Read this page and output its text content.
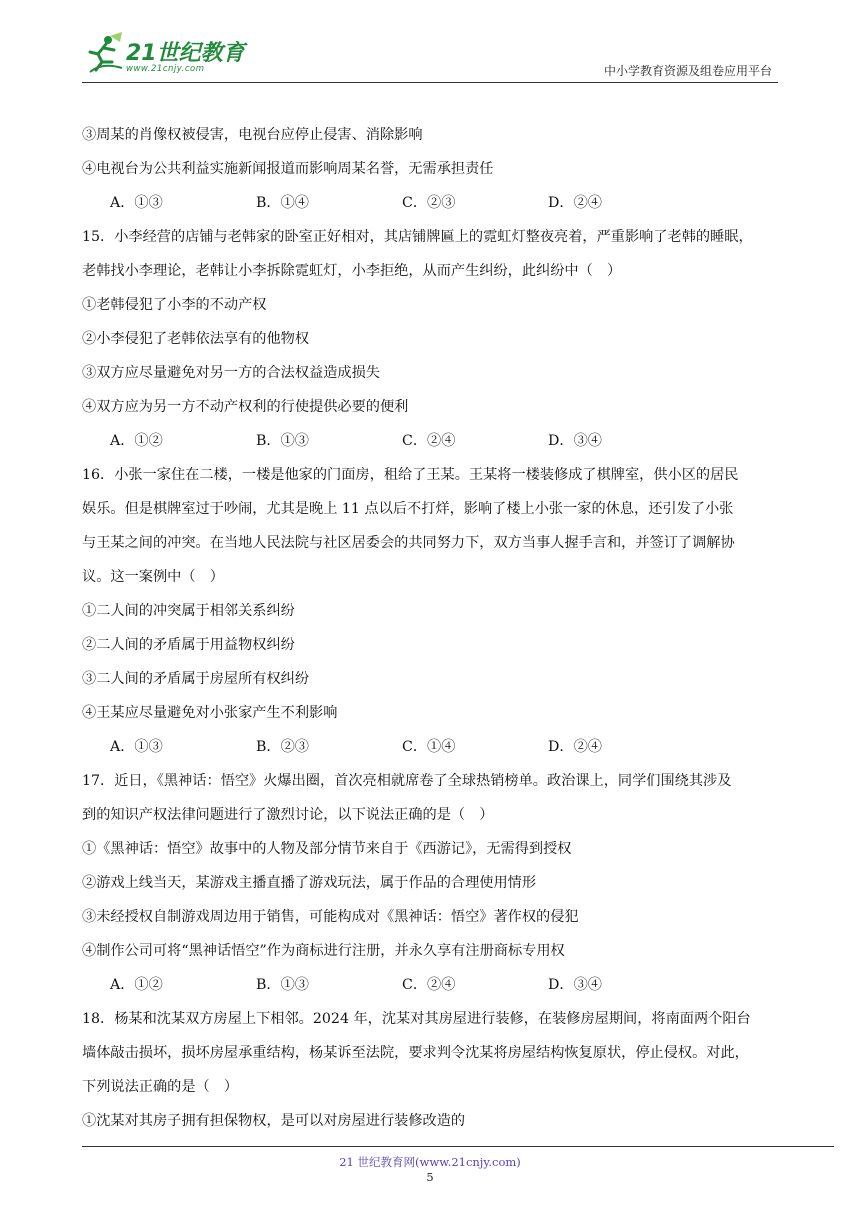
21世纪教育
www.21cnjy.com	中小学教育资源及组卷应用平台
③周某的肖像权被侵害，电视台应停止侵害、消除影响
④电视台为公共利益实施新闻报道而影响周某名誉，无需承担责任
A．①③	B．①④	C．②③	D．②④
15．小李经营的店铺与老韩家的卧室正好相对，其店铺牌匾上的霓虹灯整夜亮着，严重影响了老韩的睡眠，
老韩找小李理论，老韩让小李拆除霓虹灯，小李拒绝，从而产生纠纷，此纠纷中（　）
①老韩侵犯了小李的不动产权
②小李侵犯了老韩依法享有的他物权
③双方应尽量避免对另一方的合法权益造成损失
④双方应为另一方不动产权利的行使提供必要的便利
A．①②	B．①③	C．②④	D．③④
16．小张一家住在二楼，一楼是他家的门面房，租给了王某。王某将一楼装修成了棋牌室，供小区的居民
娱乐。但是棋牌室过于吵闹，尤其是晚上 11 点以后不打烊，影响了楼上小张一家的休息，还引发了小张
与王某之间的冲突。在当地人民法院与社区居委会的共同努力下，双方当事人握手言和，并签订了调解协
议。这一案例中（　）
①二人间的冲突属于相邻关系纠纷
②二人间的矛盾属于用益物权纠纷
③二人间的矛盾属于房屋所有权纠纷
④王某应尽量避免对小张家产生不利影响
A．①③	B．②③	C．①④	D．②④
17．近日，《黑神话：悟空》火爆出圈，首次亮相就席卷了全球热销榜单。政治课上，同学们围绕其涉及
到的知识产权法律问题进行了激烈讨论，以下说法正确的是（　）
①《黑神话：悟空》故事中的人物及部分情节来自于《西游记》，无需得到授权
②游戏上线当天，某游戏主播直播了游戏玩法，属于作品的合理使用情形
③未经授权自制游戏周边用于销售，可能构成对《黑神话：悟空》著作权的侵犯
④制作公司可将“黑神话悟空”作为商标进行注册，并永久享有注册商标专用权
A．①②	B．①③	C．②④	D．③④
18．杨某和沈某双方房屋上下相邻。2024 年，沈某对其房屋进行装修，在装修房屋期间，将南面两个阳台
墙体敲击损坏，损坏房屋承重结构，杨某诉至法院，要求判令沈某将房屋结构恢复原状，停止侵权。对此，
下列说法正确的是（　）
①沈某对其房子拥有担保物权，是可以对房屋进行装修改造的
21 世纪教育网(www.21cnjy.com)
5
